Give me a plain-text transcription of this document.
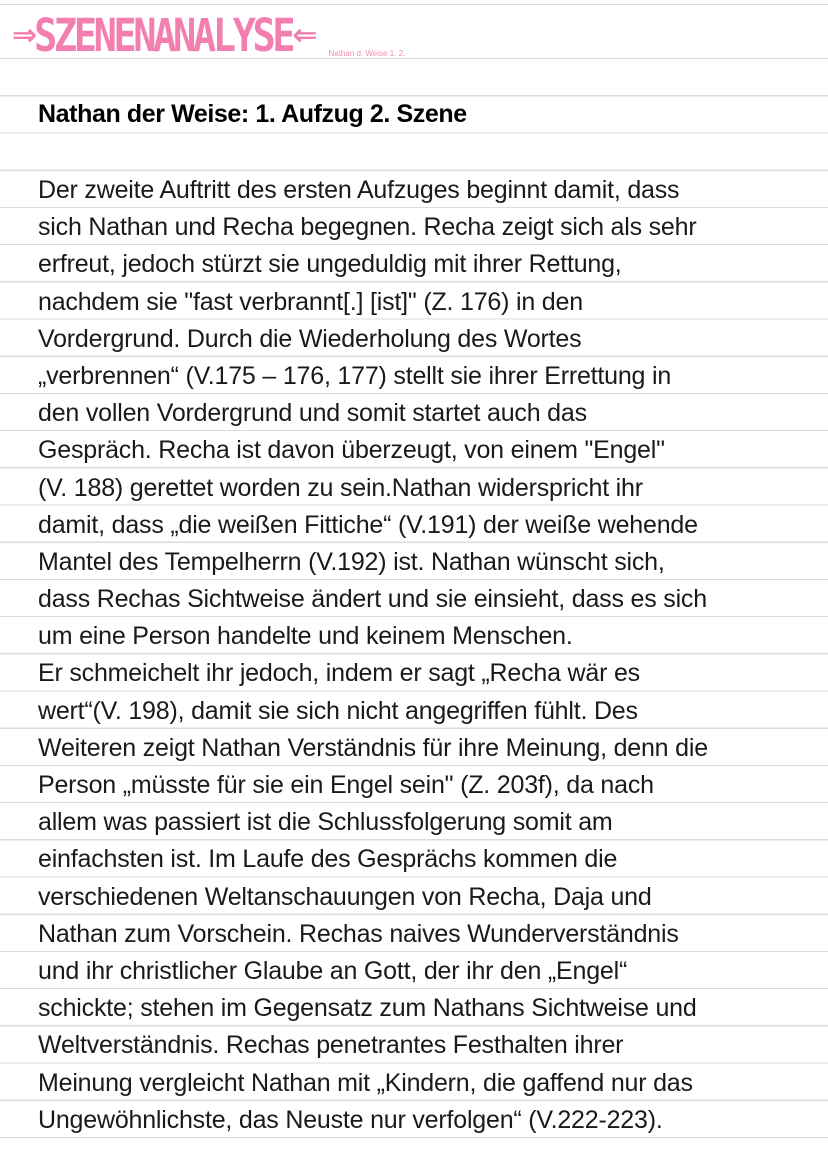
⇒ SZENENANALYSE ⇐
Nathan d. Weise 1. 2.
Nathan der Weise: 1. Aufzug 2. Szene
Der zweite Auftritt des ersten Aufzuges beginnt damit, dass
sich Nathan und Recha begegnen. Recha zeigt sich als sehr
erfreut, jedoch stürzt sie ungeduldig mit ihrer Rettung,
nachdem sie "fast verbrannt[.] [ist]" (Z. 176) in den
Vordergrund. Durch die Wiederholung des Wortes
„verbrennen“ (V.175 – 176, 177) stellt sie ihrer Errettung in
den vollen Vordergrund und somit startet auch das
Gespräch. Recha ist davon überzeugt, von einem "Engel"
(V. 188) gerettet worden zu sein.Nathan widerspricht ihr
damit, dass „die weißen Fittiche“ (V.191) der weiße wehende
Mantel des Tempelherrn (V.192) ist. Nathan wünscht sich,
dass Rechas Sichtweise ändert und sie einsieht, dass es sich
um eine Person handelte und keinem Menschen.
Er schmeichelt ihr jedoch, indem er sagt „Recha wär es
wert“(V. 198), damit sie sich nicht angegriffen fühlt. Des
Weiteren zeigt Nathan Verständnis für ihre Meinung, denn die
Person „müsste für sie ein Engel sein" (Z. 203f), da nach
allem was passiert ist die Schlussfolgerung somit am
einfachsten ist. Im Laufe des Gesprächs kommen die
verschiedenen Weltanschauungen von Recha, Daja und
Nathan zum Vorschein. Rechas naives Wunderverständnis
und ihr christlicher Glaube an Gott, der ihr den „Engel“
schickte; stehen im Gegensatz zum Nathans Sichtweise und
Weltverständnis. Rechas penetrantes Festhalten ihrer
Meinung vergleicht Nathan mit „Kindern, die gaffend nur das
Ungewöhnlichste, das Neuste nur verfolgen“ (V.222-223).
